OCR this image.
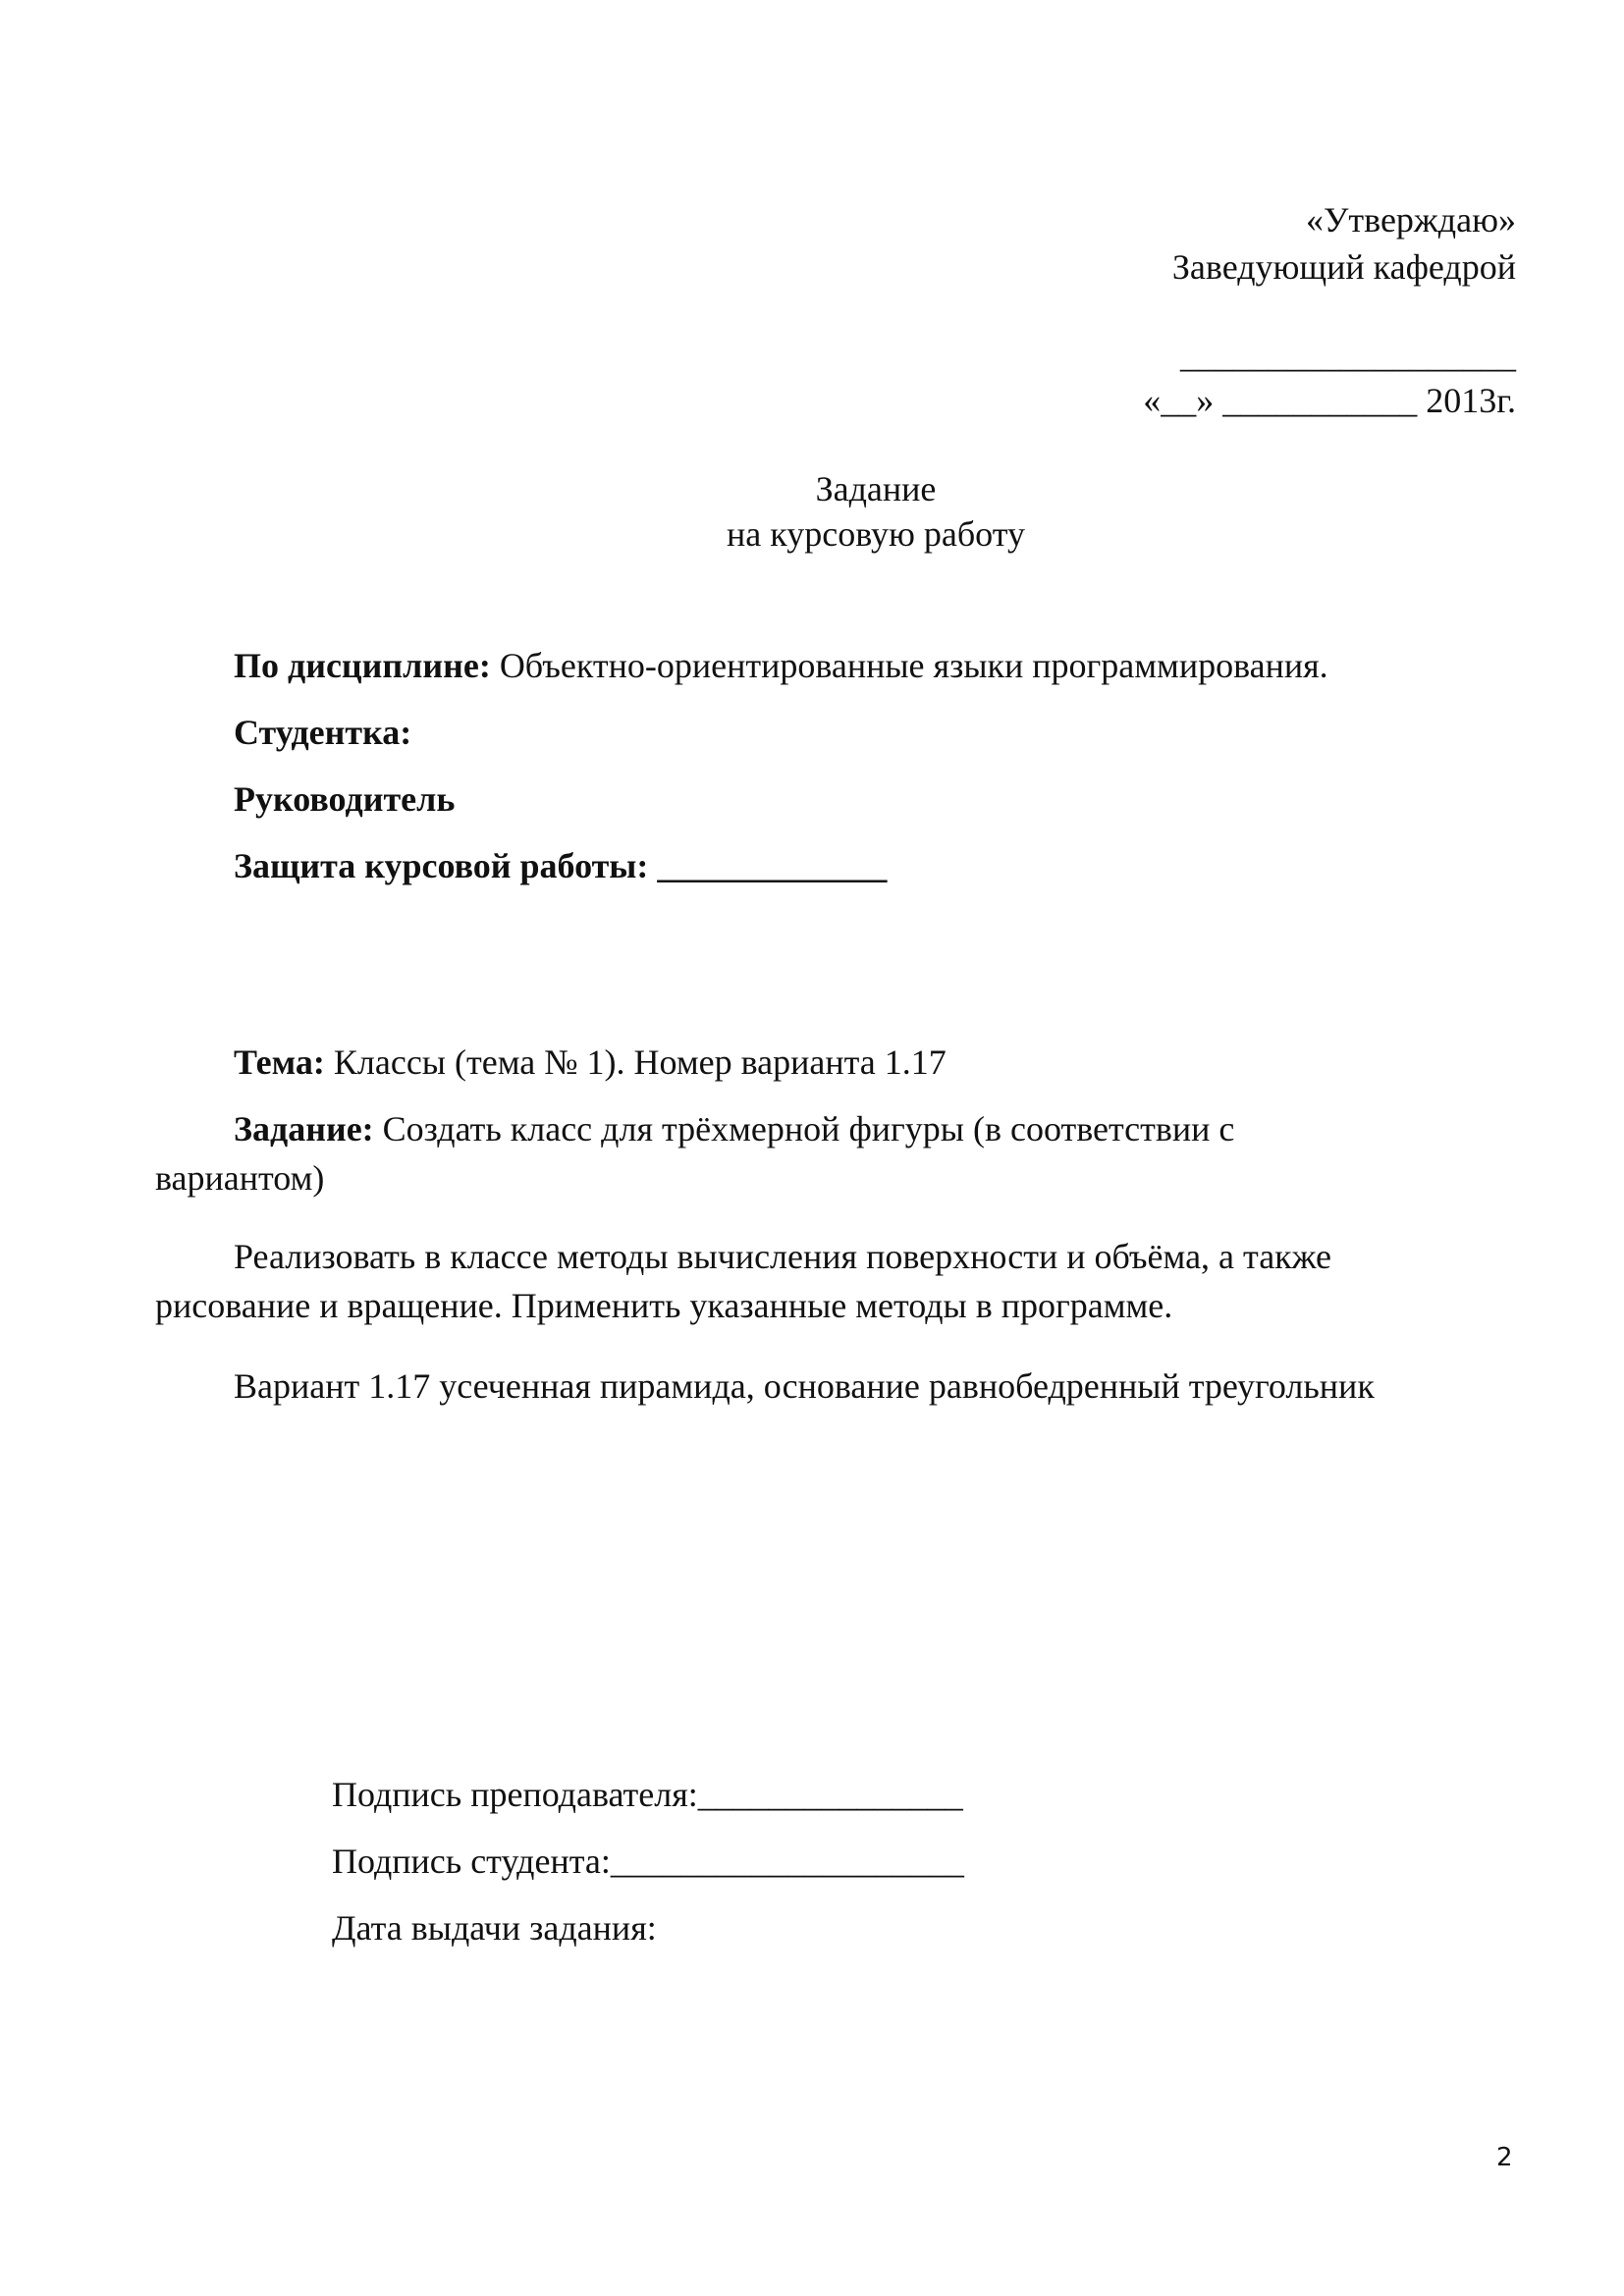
«Утверждаю»
Заведующий кафедрой
___________________
«__» ___________ 2013г.
Задание
на курсовую работу
По дисциплине: Объектно-ориентированные языки программирования.
Студентка:
Руководитель
Защита курсовой работы: _____________
Тема: Классы (тема № 1). Номер варианта 1.17
Задание: Создать класс для трёхмерной фигуры (в соответствии с
вариантом)
Реализовать в классе методы вычисления поверхности и объёма, а также
рисование и вращение. Применить указанные методы в программе.
Вариант 1.17 усеченная пирамида, основание равнобедренный треугольник
Подпись преподавателя:_______________
Подпись студента:____________________
Дата выдачи задания:
2
